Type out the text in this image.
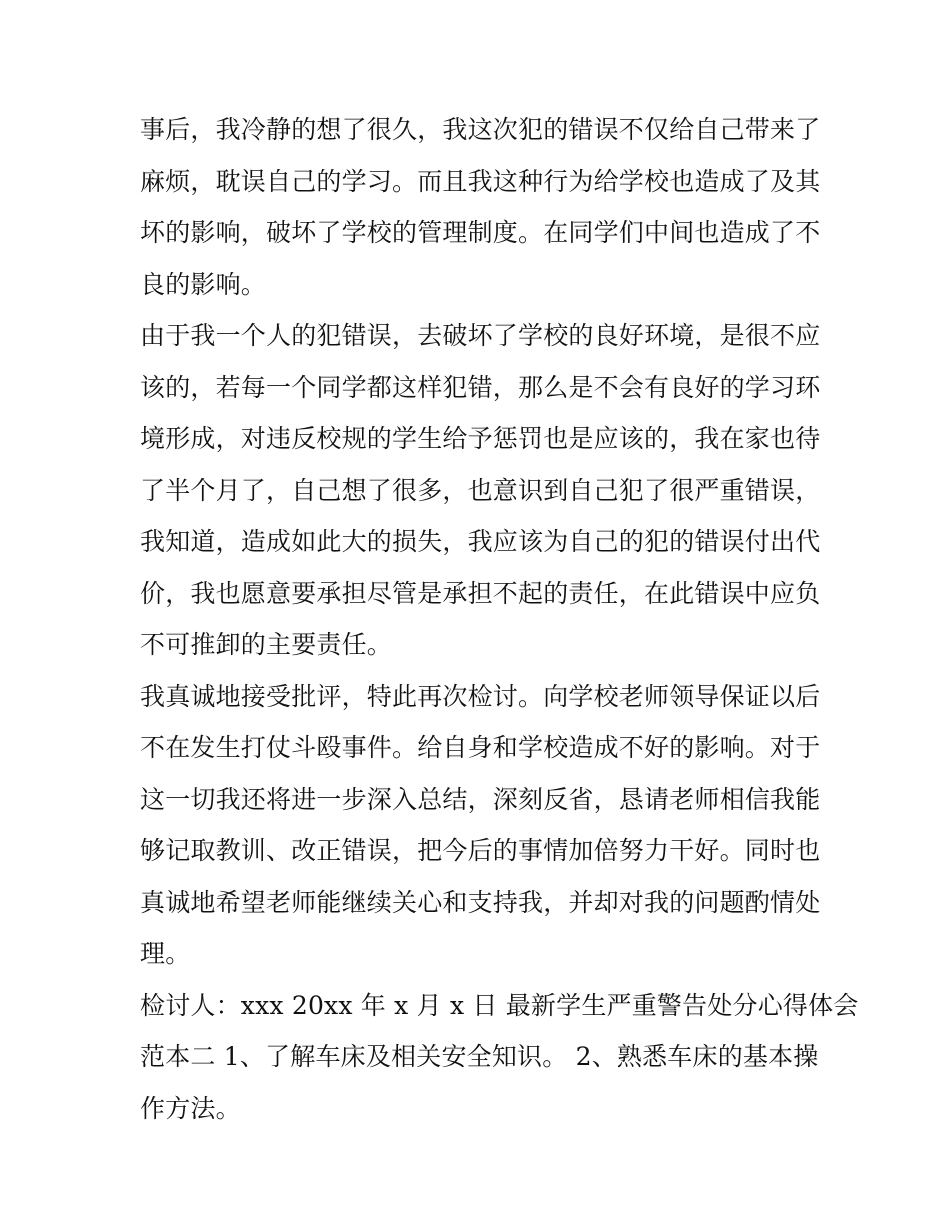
事后，我冷静的想了很久，我这次犯的错误不仅给自己带来了
麻烦，耽误自己的学习。而且我这种行为给学校也造成了及其
坏的影响，破坏了学校的管理制度。在同学们中间也造成了不
良的影响。

由于我一个人的犯错误，去破坏了学校的良好环境，是很不应
该的，若每一个同学都这样犯错，那么是不会有良好的学习环
境形成，对违反校规的学生给予惩罚也是应该的，我在家也待
了半个月了，自己想了很多，也意识到自己犯了很严重错误，
我知道，造成如此大的损失，我应该为自己的犯的错误付出代
价，我也愿意要承担尽管是承担不起的责任，在此错误中应负
不可推卸的主要责任。

我真诚地接受批评，特此再次检讨。向学校老师领导保证以后
不在发生打仗斗殴事件。给自身和学校造成不好的影响。对于
这一切我还将进一步深入总结，深刻反省，恳请老师相信我能
够记取教训、改正错误，把今后的事情加倍努力干好。同时也
真诚地希望老师能继续关心和支持我，并却对我的问题酌情处
理。

检讨人：xxx 20xx 年 x 月 x 日 最新学生严重警告处分心得体会
范本二 1、了解车床及相关安全知识。 2、熟悉车床的基本操
作方法。
